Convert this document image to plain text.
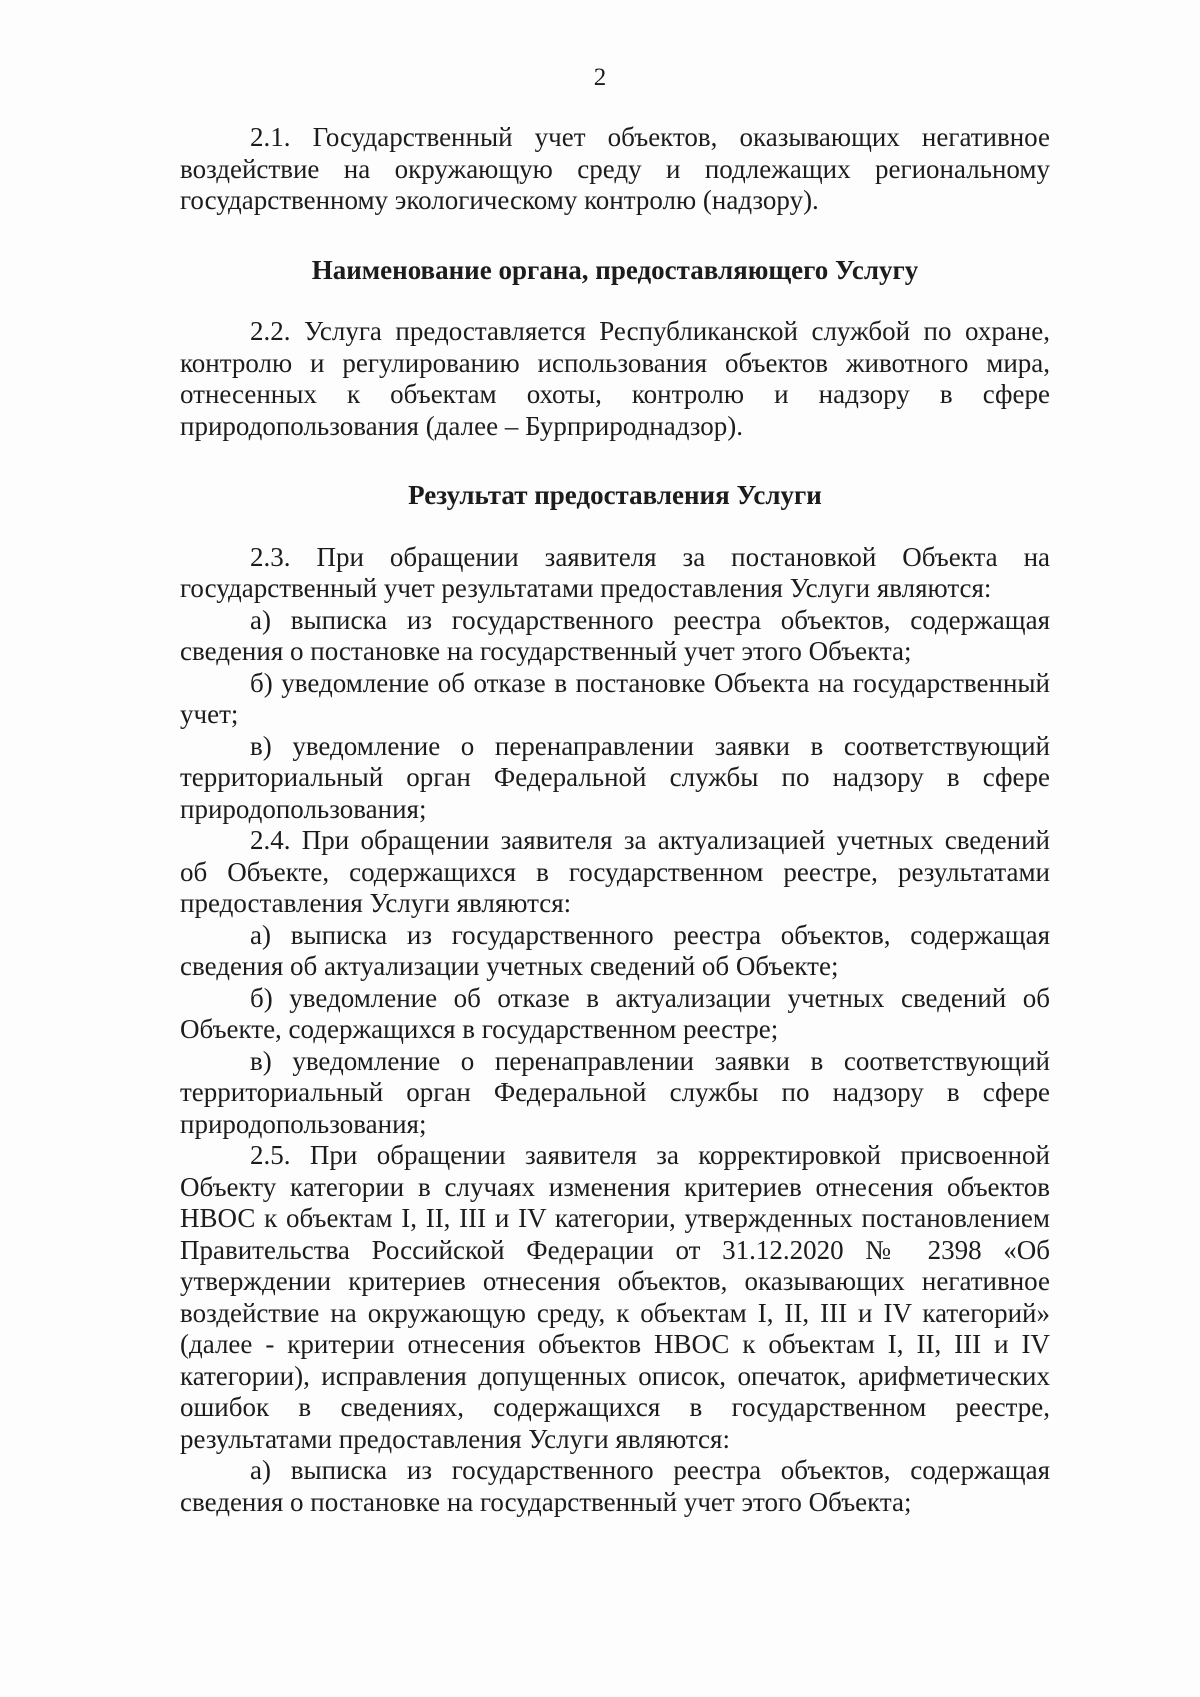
2

2.1. Государственный учет объектов, оказывающих негативное воздействие на окружающую среду и подлежащих региональному государственному экологическому контролю (надзору).

Наименование органа, предоставляющего Услугу

2.2. Услуга предоставляется Республиканской службой по охране, контролю и регулированию использования объектов животного мира, отнесенных к объектам охоты, контролю и надзору в сфере природопользования (далее – Бурприроднадзор).

Результат предоставления Услуги

2.3. При обращении заявителя за постановкой Объекта на государственный учет результатами предоставления Услуги являются:

а) выписка из государственного реестра объектов, содержащая сведения о постановке на государственный учет этого Объекта;

б) уведомление об отказе в постановке Объекта на государственный учет;

в) уведомление о перенаправлении заявки в соответствующий территориальный орган Федеральной службы по надзору в сфере природопользования;

2.4. При обращении заявителя за актуализацией учетных сведений об Объекте, содержащихся в государственном реестре, результатами предоставления Услуги являются:

а) выписка из государственного реестра объектов, содержащая сведения об актуализации учетных сведений об Объекте;

б) уведомление об отказе в актуализации учетных сведений об Объекте, содержащихся в государственном реестре;

в) уведомление о перенаправлении заявки в соответствующий территориальный орган Федеральной службы по надзору в сфере природопользования;

2.5. При обращении заявителя за корректировкой присвоенной Объекту категории в случаях изменения критериев отнесения объектов НВОС к объектам I, II, III и IV категории, утвержденных постановлением Правительства Российской Федерации от 31.12.2020 № 2398 «Об утверждении критериев отнесения объектов, оказывающих негативное воздействие на окружающую среду, к объектам I, II, III и IV категорий» (далее - критерии отнесения объектов НВОС к объектам I, II, III и IV категории), исправления допущенных описок, опечаток, арифметических ошибок в сведениях, содержащихся в государственном реестре, результатами предоставления Услуги являются:

а) выписка из государственного реестра объектов, содержащая сведения о постановке на государственный учет этого Объекта;
